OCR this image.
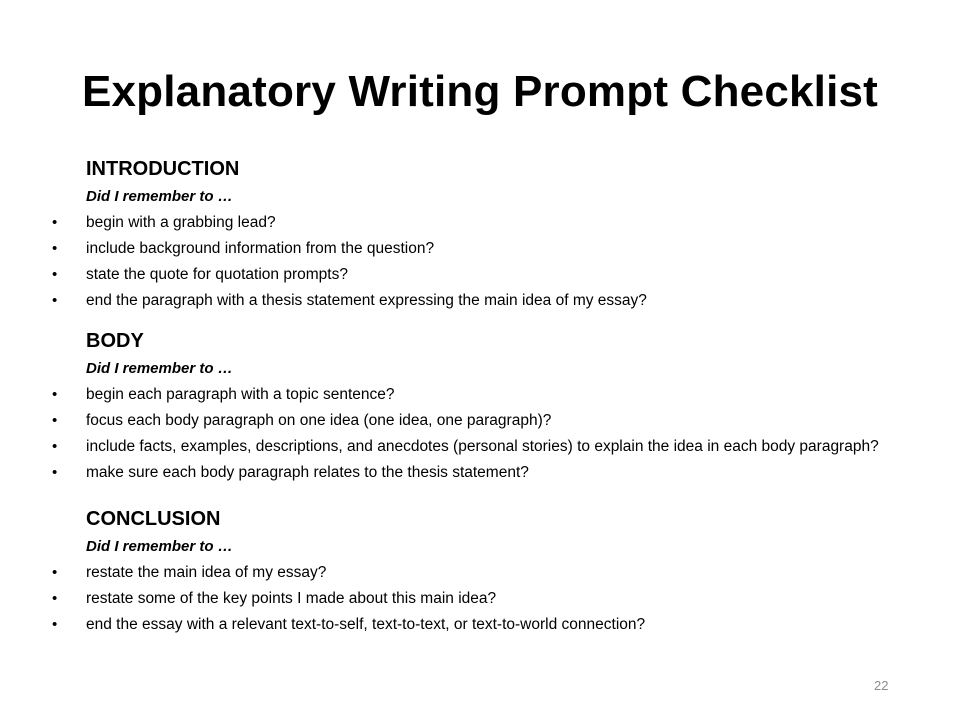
Explanatory Writing Prompt Checklist
INTRODUCTION
Did I remember to …
•	begin with a grabbing lead?
•	include background information from the question?
•	state the quote for quotation prompts?
•	end the paragraph with a thesis statement expressing the main idea of my essay?
BODY
Did I remember to …
•	begin each paragraph with a topic sentence?
•	focus each body paragraph on one idea (one idea, one paragraph)?
•	include facts, examples, descriptions, and anecdotes (personal stories) to explain the idea in each body paragraph?
•	make sure each body paragraph relates to the thesis statement?
CONCLUSION
Did I remember to …
•	restate the main idea of my essay?
•	restate some of the key points I made about this main idea?
•	end the essay with a relevant text-to-self, text-to-text, or text-to-world connection?
22
